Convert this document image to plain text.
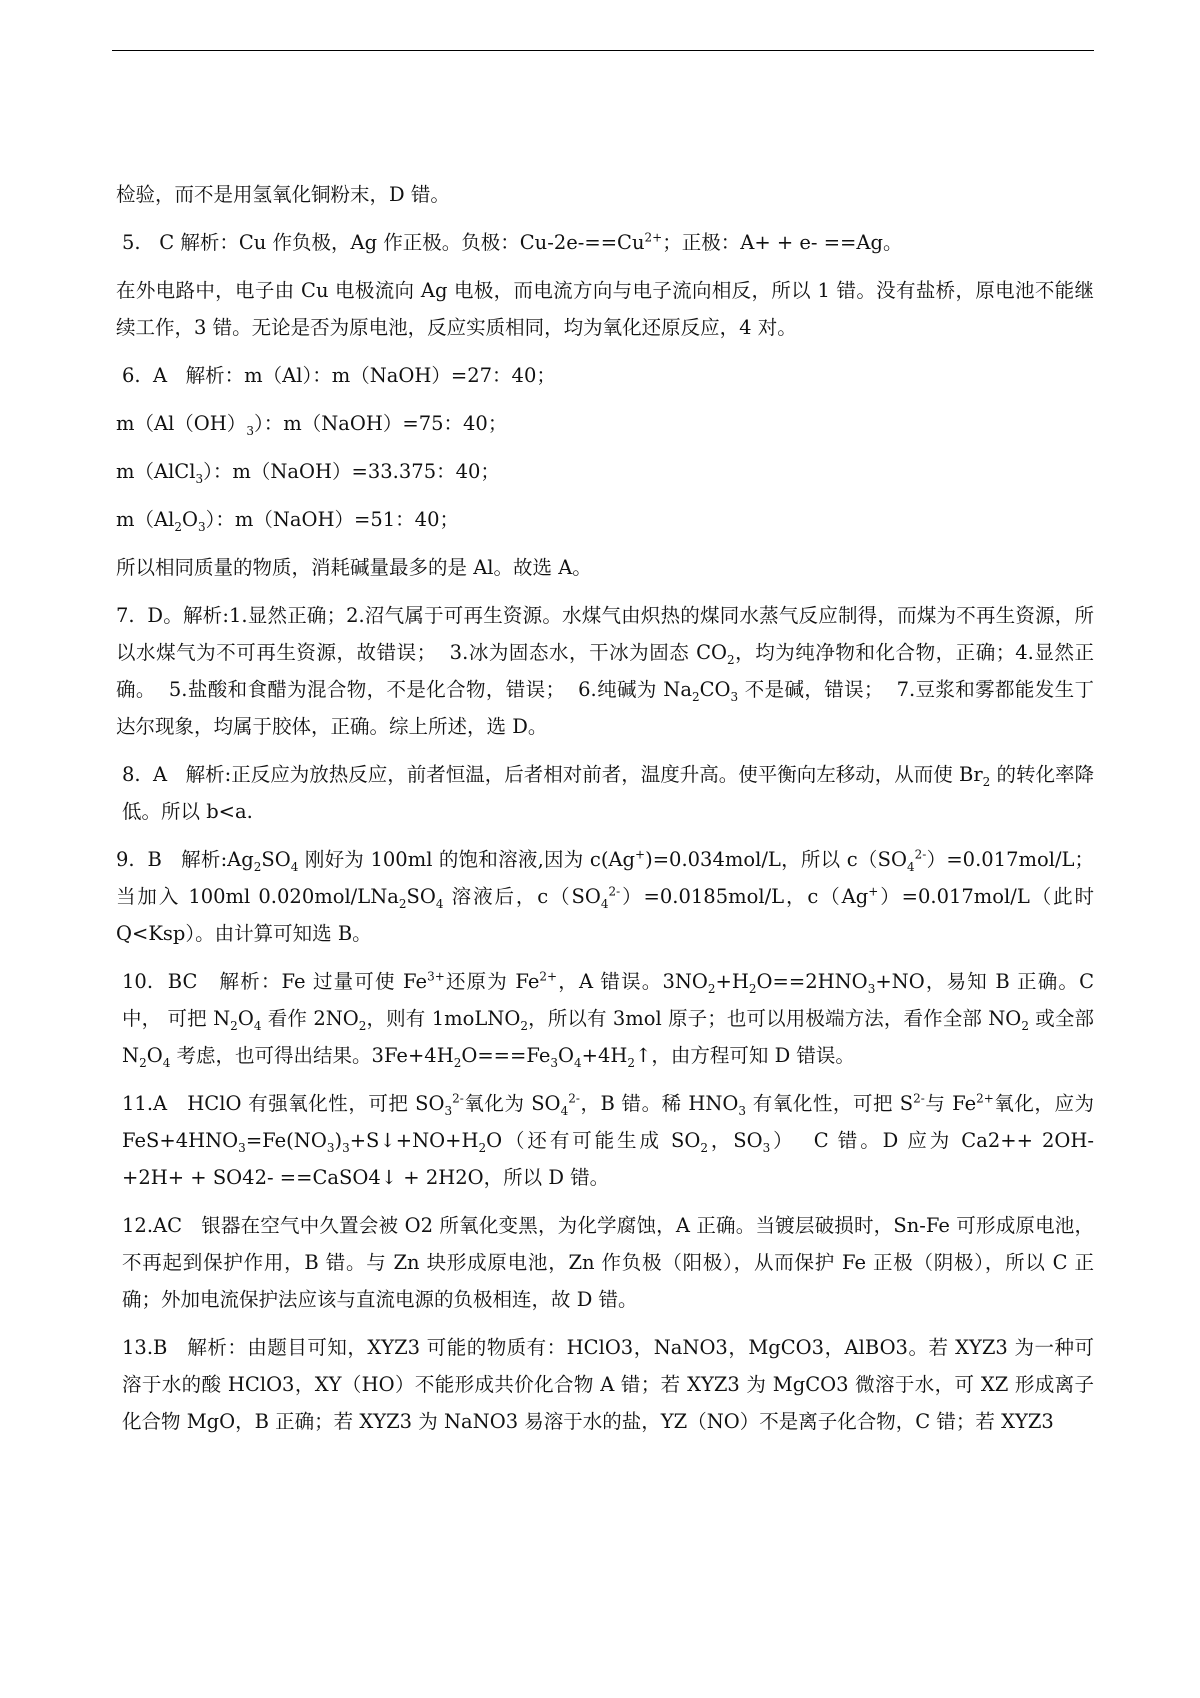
检验，而不是用氢氧化铜粉末，D 错。

5.   C 解析：Cu 作负极，Ag 作正极。负极：$Cu-2e-==Cu^{2+}$；正极：A+ + e- ==Ag。

在外电路中，电子由 Cu 电极流向 Ag 电极，而电流方向与电子流向相反，所以 1 错。没有盐桥，原电池不能继续工作，3 错。无论是否为原电池，反应实质相同，均为氧化还原反应，4 对。

6.  A   解析：m（Al）：m（NaOH）=27：40；

$m(Al(OH)_3)$：m（NaOH）=75：40；

m（AlCl$_3$）：m（NaOH）=33.375：40；

$m(Al_2O_3)$：m（NaOH）=51：40；

所以相同质量的物质，消耗碱量最多的是 Al。故选 A。

7.  D。解析:1.显然正确；2.沼气属于可再生资源。水煤气由炽热的煤同水蒸气反应制得，而煤为不再生资源，所以水煤气为不可再生资源，故错误；  3.冰为固态水，干冰为固态 $CO_2$，均为纯净物和化合物，正确；4.显然正确。  5.盐酸和食醋为混合物，不是化合物，错误；  6.纯碱为 $Na_2CO_3$ 不是碱，错误；  7.豆浆和雾都能发生丁达尔现象，均属于胶体，正确。综上所述，选 D。

8.  A   解析:正反应为放热反应，前者恒温，后者相对前者，温度升高。使平衡向左移动，从而使 $Br_2$ 的转化率降低。所以 b<a.

9.  B   解析$:Ag_2SO_4$ 刚好为 100ml 的饱和溶液,因为 c(Ag+)=0.034mol/L，所以 $c(SO_4^{2-})=0.017mol/L$；当加入 100ml $0.020mol/LNa_2SO_4$ 溶液后，$c(SO_4^{2-})=0.0185mol/L$，c（Ag+）=0.017mol/L（此时 Q<Ksp）。由计算可知选 B。

10.  BC   解析：Fe 过量可使 $Fe^{3+}$还原为 $Fe^{2+}$，A 错误。$3NO_2+H_2O==2HNO_3+NO$，易知 B 正确。C 中， 可把 $N_2O_4$ 看作 $2NO_2$，则有 1moLNO$_2$，所以有 3mol 原子；也可以用极端方法，看作全部 $NO_2$ 或全部 $N_2O_4$ 考虑，也可得出结果。$3Fe+4H_2O===Fe_3O_4+4H_2↑$，由方程可知 D 错误。

11.A   HClO 有强氧化性，可把 $SO_3^{2-}$氧化为 $SO_4^{2-}$，B 错。稀 $HNO_3$ 有氧化性，可把 $S^{2-}$与 $Fe^{2+}$氧化，应为 $FeS+4HNO_3=Fe(NO_3)_3+S↓+NO+H_2O$（还有可能生成 $SO_2$，$SO_3$）  C 错。D 应为 Ca2++ 2OH- +2H+ + SO42- ==CaSO4↓ + 2H2O，所以 D 错。

12.AC   银器在空气中久置会被 O2 所氧化变黑，为化学腐蚀，A 正确。当镀层破损时，Sn-Fe 可形成原电池，不再起到保护作用，B 错。与 Zn 块形成原电池，Zn 作负极（阳极），从而保护 Fe 正极（阴极），所以 C 正确；外加电流保护法应该与直流电源的负极相连，故 D 错。

13.B   解析：由题目可知，XYZ3 可能的物质有：HClO3，NaNO3，MgCO3，AlBO3。若 XYZ3 为一种可溶于水的酸 HClO3，XY（HO）不能形成共价化合物 A 错；若 XYZ3 为 MgCO3 微溶于水，可 XZ 形成离子化合物 MgO，B 正确；若 XYZ3 为 NaNO3 易溶于水的盐，YZ（NO）不是离子化合物，C 错；若 XYZ3
